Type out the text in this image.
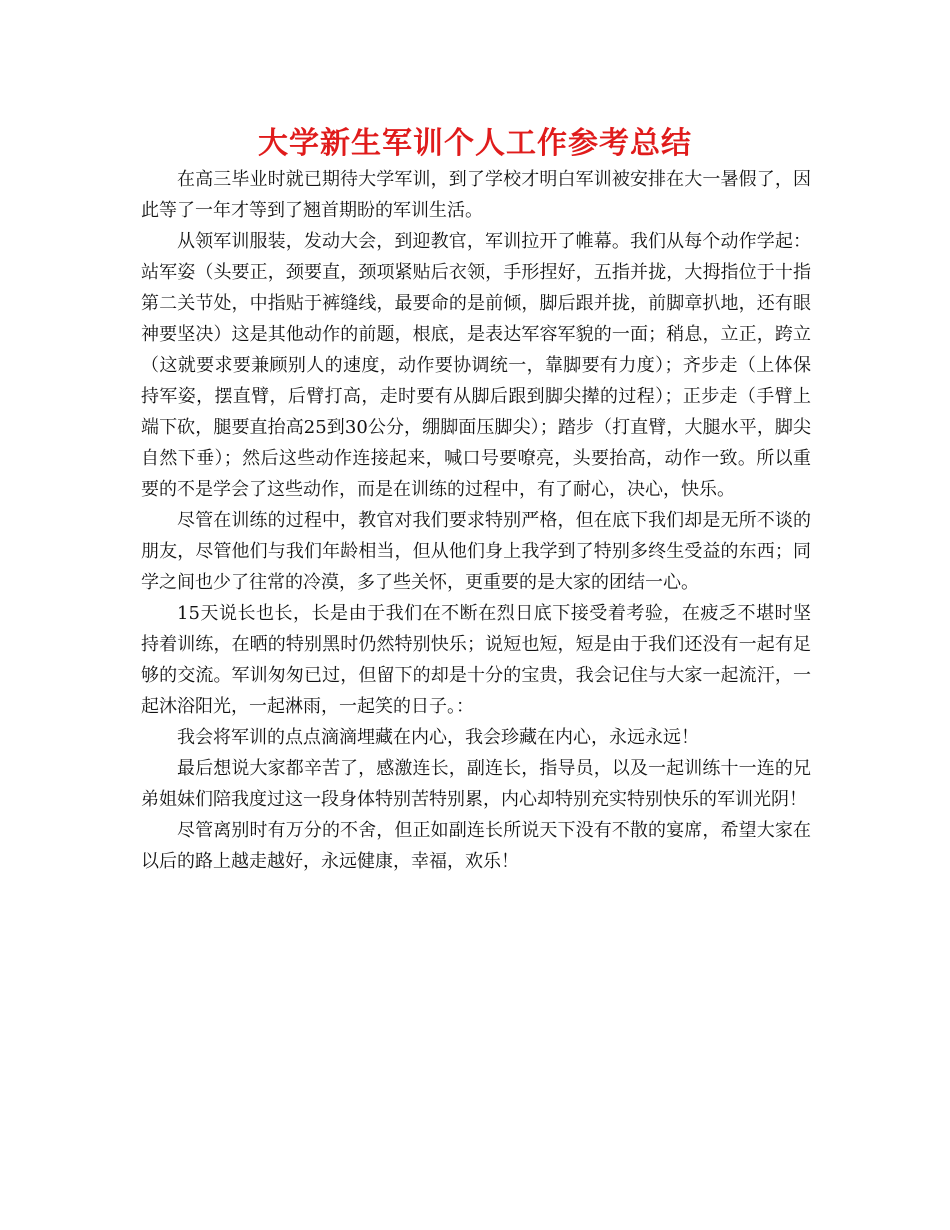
大学新生军训个人工作参考总结

在高三毕业时就已期待大学军训，到了学校才明白军训被安排在大一暑假了，因此等了一年才等到了翘首期盼的军训生活。

从领军训服装，发动大会，到迎教官，军训拉开了帷幕。我们从每个动作学起：站军姿（头要正，颈要直，颈项紧贴后衣领，手形捏好，五指并拢，大拇指位于十指第二关节处，中指贴于裤缝线，最要命的是前倾，脚后跟并拢，前脚章扒地，还有眼神要坚决）这是其他动作的前题，根底，是表达军容军貌的一面；稍息，立正，跨立（这就要求要兼顾别人的速度，动作要协调统一，靠脚要有力度）；齐步走（上体保持军姿，摆直臂，后臂打高，走时要有从脚后跟到脚尖撵的过程）；正步走（手臂上端下砍，腿要直抬高25到30公分，绷脚面压脚尖）；踏步（打直臂，大腿水平，脚尖自然下垂）；然后这些动作连接起来，喊口号要嘹亮，头要抬高，动作一致。所以重要的不是学会了这些动作，而是在训练的过程中，有了耐心，决心，快乐。

尽管在训练的过程中，教官对我们要求特别严格，但在底下我们却是无所不谈的朋友，尽管他们与我们年龄相当，但从他们身上我学到了特别多终生受益的东西；同学之间也少了往常的冷漠，多了些关怀，更重要的是大家的团结一心。

15天说长也长，长是由于我们在不断在烈日底下接受着考验，在疲乏不堪时坚持着训练，在晒的特别黑时仍然特别快乐；说短也短，短是由于我们还没有一起有足够的交流。军训匆匆已过，但留下的却是十分的宝贵，我会记住与大家一起流汗，一起沐浴阳光，一起淋雨，一起笑的日子。：

我会将军训的点点滴滴埋藏在内心，我会珍藏在内心，永远永远！

最后想说大家都辛苦了，感激连长，副连长，指导员，以及一起训练十一连的兄弟姐妹们陪我度过这一段身体特别苦特别累，内心却特别充实特别快乐的军训光阴！

尽管离别时有万分的不舍，但正如副连长所说天下没有不散的宴席，希望大家在以后的路上越走越好，永远健康，幸福，欢乐！
